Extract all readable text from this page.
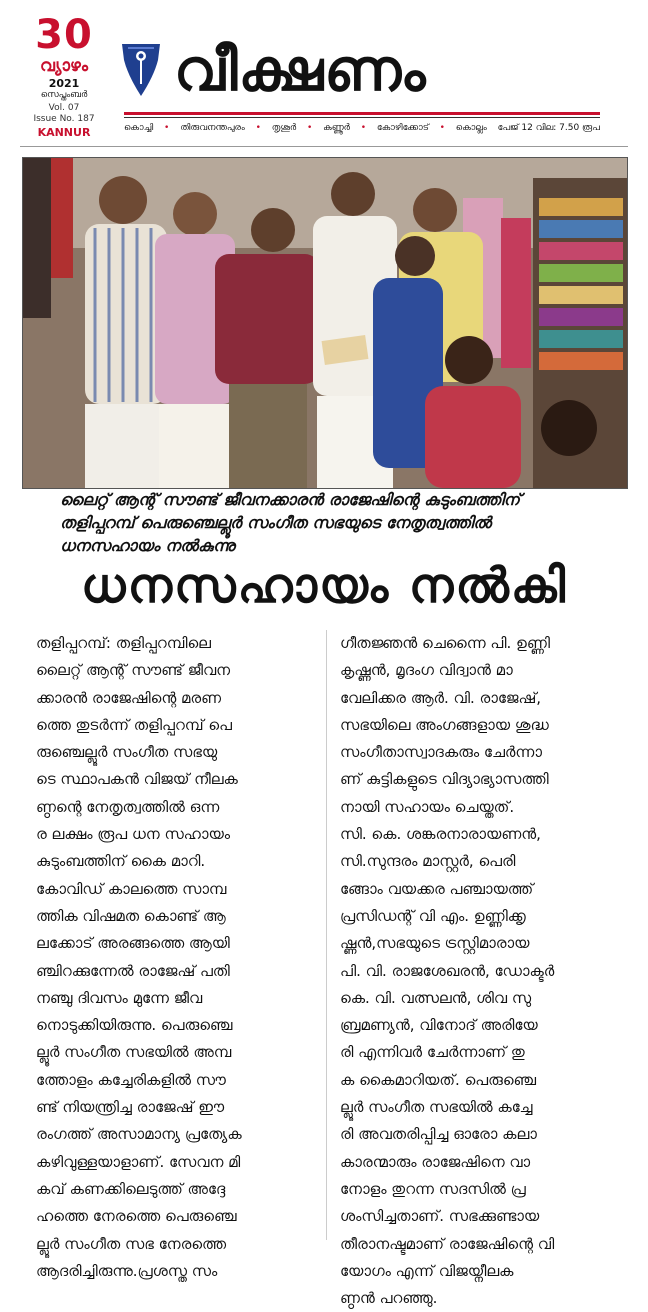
30
വ്യാഴം
2021
സെപ്തംബർ
Vol. 07
Issue No. 187
KANNUR
വീക്ഷണം
കൊച്ചി • തിരുവനന്തപുരം • തൃശൂർ • കണ്ണൂർ • കോഴിക്കോട് • കൊല്ലം പേജ് 12 വില: 7.50 രൂപ

ലൈറ്റ് ആന്റ് സൗണ്ട് ജീവനക്കാരൻ രാജേഷിന്റെ കുടുംബത്തിന്
തളിപ്പറമ്പ് പെരുഞ്ചെല്ലൂർ സംഗീത സഭയുടെ നേതൃത്വത്തിൽ
ധനസഹായം നൽകുന്നു

ധനസഹായം നൽകി
തളിപ്പറമ്പ്: തളിപ്പറമ്പിലെ
ലൈറ്റ് ആന്റ് സൗണ്ട് ജീവന
ക്കാരൻ രാജേഷിന്റെ മരണ
ത്തെ തുടർന്ന് തളിപ്പറമ്പ് പെ
രുഞ്ചെല്ലൂർ സംഗീത സഭയു
ടെ സ്ഥാപകൻ വിജയ് നീലക
ണ്ഠന്റെ നേതൃത്വത്തിൽ ഒന്ന
ര ലക്ഷം രൂപ ധന സഹായം
കുടുംബത്തിന് കൈ മാറി.
കോവിഡ് കാലത്തെ സാമ്പ
ത്തിക വിഷമത കൊണ്ട് ആ
ലക്കോട് അരങ്ങത്തെ ആയി
ഞ്ചിറക്കുന്നേൽ രാജേഷ് പതി
നഞ്ചു ദിവസം മുന്നേ ജീവ
നൊടുക്കിയിരുന്നു. പെരുഞ്ചെ
ല്ലൂർ സംഗീത സഭയിൽ അമ്പ
ത്തോളം കച്ചേരികളിൽ സൗ
ണ്ട് നിയന്ത്രിച്ച രാജേഷ് ഈ
രംഗത്ത് അസാമാന്യ പ്രത്യേക
കഴിവുള്ളയാളാണ്. സേവന മി
കവ് കണക്കിലെടുത്ത് അദ്ദേ
ഹത്തെ നേരത്തെ പെരുഞ്ചെ
ല്ലൂർ സംഗീത സഭ നേരത്തെ
ആദരിച്ചിരുന്നു.പ്രശസ്ത സം
ഗീതജ്ഞൻ ചെന്നൈ പി. ഉണ്ണി
കൃഷ്ണൻ, മൃദംഗ വിദ്വാൻ മാ
വേലിക്കര ആർ. വി. രാജേഷ്,
സഭയിലെ അംഗങ്ങളായ ശുദ്ധ
സംഗീതാസ്വാദകരും ചേർന്നാ
ണ് കുട്ടികളുടെ വിദ്യാഭ്യാസത്തി
നായി സഹായം ചെയ്തത്.
സി. കെ. ശങ്കരനാരായണൻ,
സി.സുന്ദരം മാസ്റ്റർ, പെരി
ങ്ങോം വയക്കര പഞ്ചായത്ത്
പ്രസിഡന്റ് വി എം. ഉണ്ണിക്കൃ
ഷ്ണൻ,സഭയുടെ ട്രസ്റ്റിമാരായ
പി. വി. രാജശേഖരൻ, ഡോക്ടർ
കെ. വി. വത്സലൻ, ശിവ സു
ബ്രമണ്യൻ, വിനോദ് അരിയേ
രി എന്നിവർ ചേർന്നാണ് തു
ക കൈമാറിയത്. പെരുഞ്ചെ
ല്ലൂർ സംഗീത സഭയിൽ കച്ചേ
രി അവതരിപ്പിച്ച ഓരോ കലാ
കാരന്മാരും രാജേഷിനെ വാ
നോളം തുറന്ന സദസിൽ പ്ര
ശംസിച്ചതാണ്. സഭക്കുണ്ടായ
തീരാനഷ്ടമാണ് രാജേഷിന്റെ വി
യോഗം എന്ന് വിജയ്നീലക
ണ്ഠൻ പറഞ്ഞു.
